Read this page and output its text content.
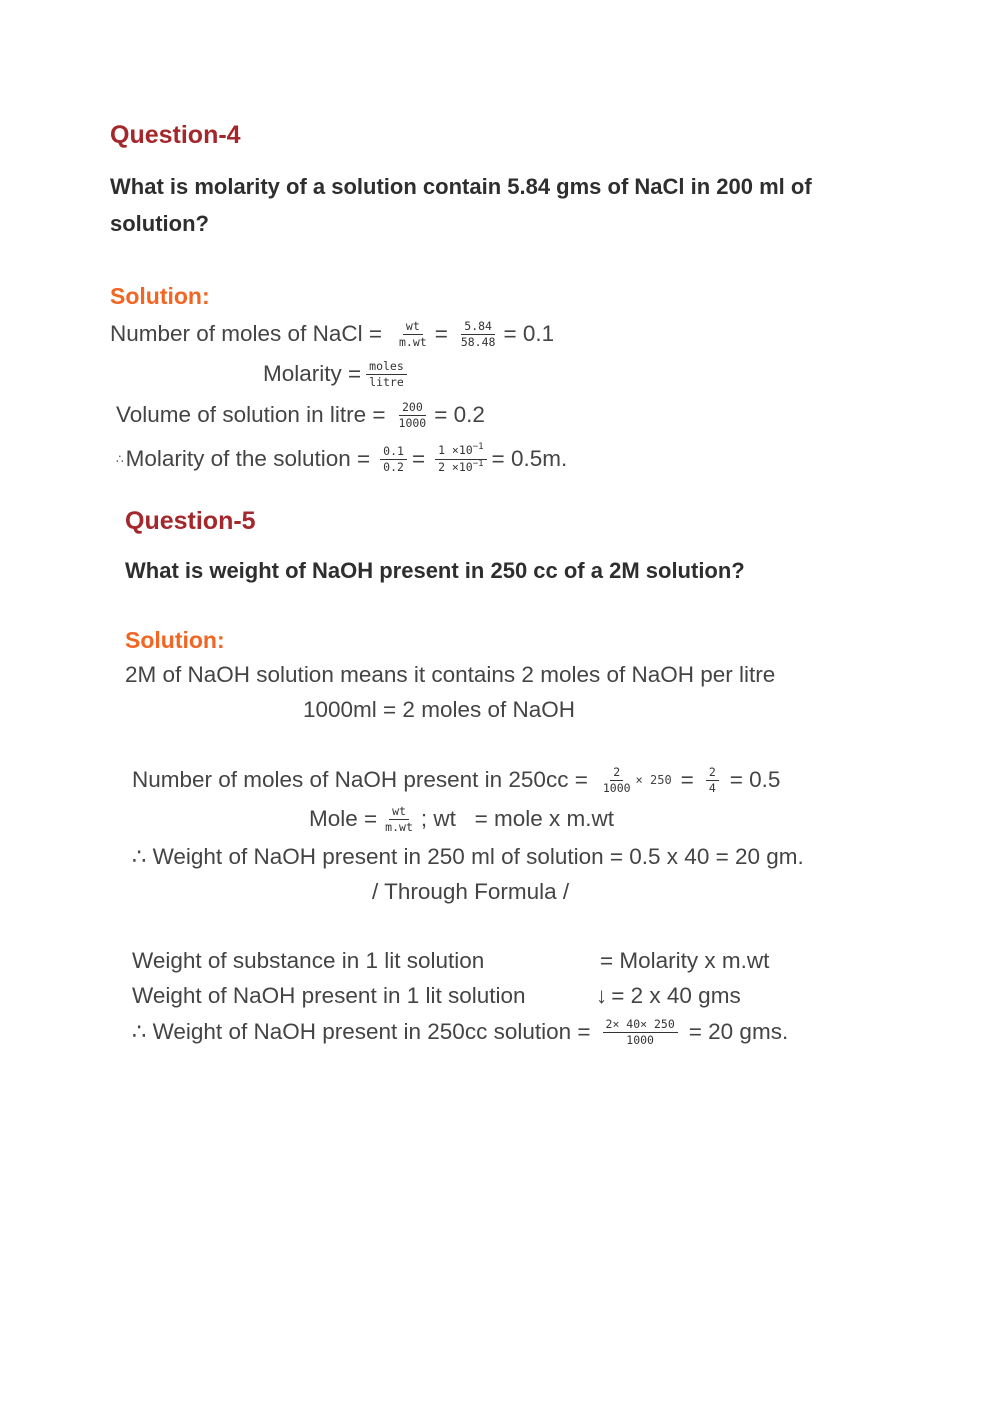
Question-4
What is molarity of a solution contain 5.84 gms of NaCl in 200 ml of solution?
Solution:
Number of moles of NaCl = $\frac{wt}{m.wt} = \frac{5.84}{58.48} = 0.1$
Molarity = $\frac{\text{moles}}{\text{litre}}$
Volume of solution in litre = $\frac{200}{1000} = 0.2$
∴ Molarity of the solution = $\frac{0.1}{0.2} = \frac{1 \times 10^{-1}}{2 \times 10^{-1}} = 0.5m$.
Question-5
What is weight of NaOH present in 250 cc of a 2M solution?
Solution:
2M of NaOH solution means it contains 2 moles of NaOH per litre
1000ml = 2 moles of NaOH
Number of moles of NaOH present in $250cc = \frac{2}{1000} \times 250 = \frac{2}{4} = 0.5$
Mole = $\frac{wt}{m.wt}$ ; wt   = mole x m.wt
∴ Weight of NaOH present in 250 ml of solution = 0.5 x 40 = 20 gm.
/ Through Formula /
Weight of substance in 1 lit solution	= Molarity x m.wt
Weight of NaOH present in 1 lit solution	↓ = 2 x 40 gms
∴ Weight of NaOH present in 250cc solution = $\frac{2\times 40\times 250}{1000} = 20$ gms.
